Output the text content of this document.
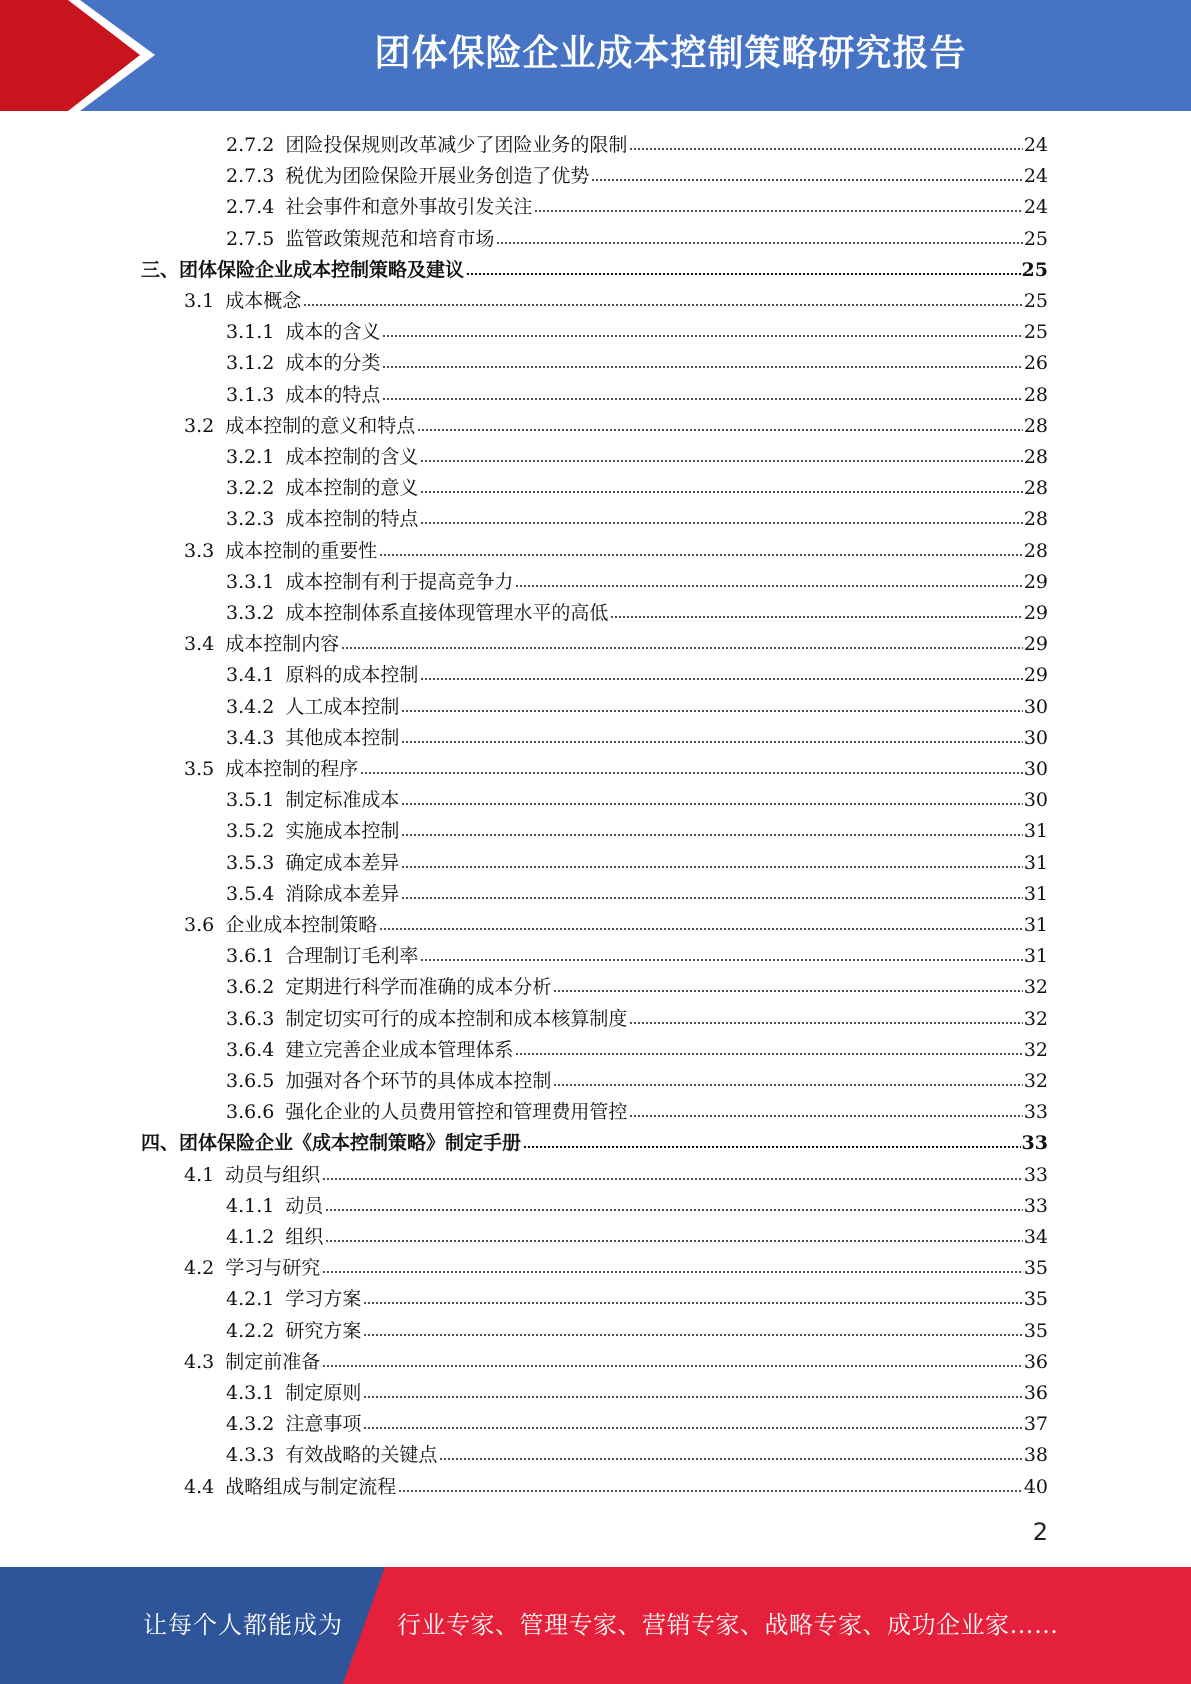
团体保险企业成本控制策略研究报告
2.7.2 团险投保规则改革减少了团险业务的限制	24
2.7.3 税优为团险保险开展业务创造了优势	24
2.7.4 社会事件和意外事故引发关注	24
2.7.5 监管政策规范和培育市场	25
三、团体保险企业成本控制策略及建议	25
3.1 成本概念	25
3.1.1 成本的含义	25
3.1.2 成本的分类	26
3.1.3 成本的特点	28
3.2 成本控制的意义和特点	28
3.2.1 成本控制的含义	28
3.2.2 成本控制的意义	28
3.2.3 成本控制的特点	28
3.3 成本控制的重要性	28
3.3.1 成本控制有利于提高竞争力	29
3.3.2 成本控制体系直接体现管理水平的高低	29
3.4 成本控制内容	29
3.4.1 原料的成本控制	29
3.4.2 人工成本控制	30
3.4.3 其他成本控制	30
3.5 成本控制的程序	30
3.5.1 制定标准成本	30
3.5.2 实施成本控制	31
3.5.3 确定成本差异	31
3.5.4 消除成本差异	31
3.6 企业成本控制策略	31
3.6.1 合理制订毛利率	31
3.6.2 定期进行科学而准确的成本分析	32
3.6.3 制定切实可行的成本控制和成本核算制度	32
3.6.4 建立完善企业成本管理体系	32
3.6.5 加强对各个环节的具体成本控制	32
3.6.6 强化企业的人员费用管控和管理费用管控	33
四、团体保险企业《成本控制策略》制定手册	33
4.1 动员与组织	33
4.1.1 动员	33
4.1.2 组织	34
4.2 学习与研究	35
4.2.1 学习方案	35
4.2.2 研究方案	35
4.3 制定前准备	36
4.3.1 制定原则	36
4.3.2 注意事项	37
4.3.3 有效战略的关键点	38
4.4 战略组成与制定流程	40
2
让每个人都能成为 行业专家、管理专家、营销专家、战略专家、成功企业家……
